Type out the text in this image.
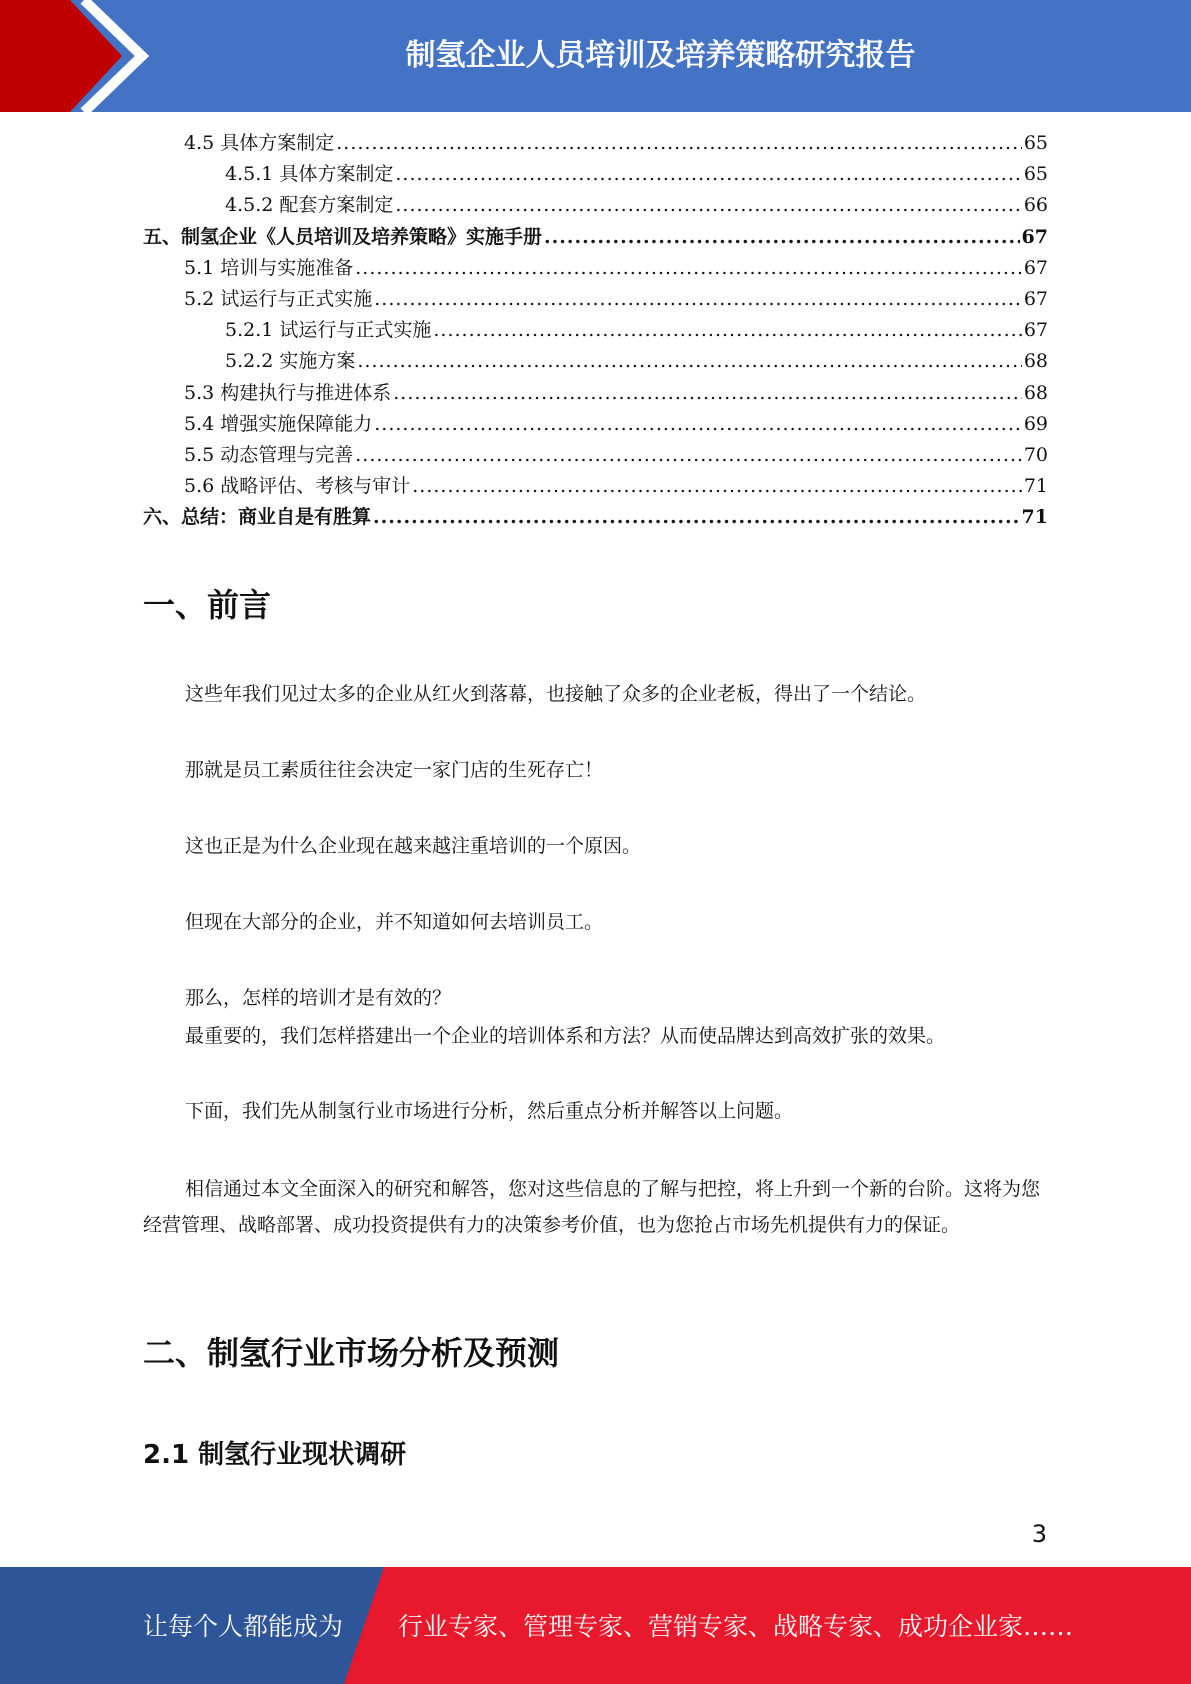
制氢企业人员培训及培养策略研究报告
4.5 具体方案制定 .....	65
4.5.1 具体方案制定 .....	65
4.5.2 配套方案制定 .....	66
五、制氢企业《人员培训及培养策略》实施手册 .....	67
5.1 培训与实施准备 .....	67
5.2 试运行与正式实施 .....	67
5.2.1 试运行与正式实施 .....	67
5.2.2 实施方案 .....	68
5.3 构建执行与推进体系 .....	68
5.4 增强实施保障能力 .....	69
5.5 动态管理与完善 .....	70
5.6 战略评估、考核与审计 .....	71
六、总结：商业自是有胜算 .....	71
一、前言
这些年我们见过太多的企业从红火到落幕，也接触了众多的企业老板，得出了一个结论。
那就是员工素质往往会决定一家门店的生死存亡！
这也正是为什么企业现在越来越注重培训的一个原因。
但现在大部分的企业，并不知道如何去培训员工。
那么，怎样的培训才是有效的？
最重要的，我们怎样搭建出一个企业的培训体系和方法？从而使品牌达到高效扩张的效果。
下面，我们先从制氢行业市场进行分析，然后重点分析并解答以上问题。
相信通过本文全面深入的研究和解答，您对这些信息的了解与把控，将上升到一个新的台阶。这将为您经营管理、战略部署、成功投资提供有力的决策参考价值，也为您抢占市场先机提供有力的保证。
二、制氢行业市场分析及预测
2.1 制氢行业现状调研
3
让每个人都能成为 行业专家、管理专家、营销专家、战略专家、成功企业家……
